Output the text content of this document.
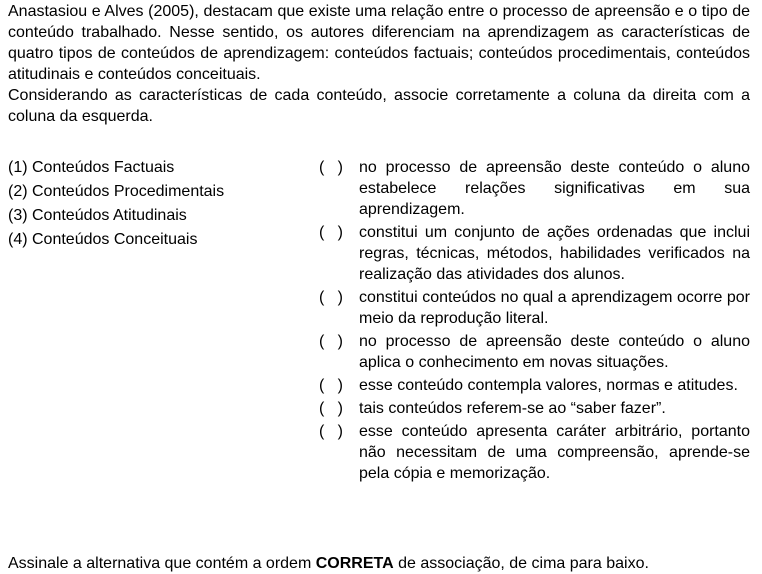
Anastasiou e Alves (2005), destacam que existe uma relação entre o processo de apreensão e o tipo de conteúdo trabalhado. Nesse sentido, os autores diferenciam na aprendizagem as características de quatro tipos de conteúdos de aprendizagem: conteúdos factuais; conteúdos procedimentais, conteúdos atitudinais e conteúdos conceituais.

Considerando as características de cada conteúdo, associe corretamente a coluna da direita com a coluna da esquerda.

(1) Conteúdos Factuais
(2) Conteúdos Procedimentais
(3) Conteúdos Atitudinais
(4) Conteúdos Conceituais
(   )	no processo de apreensão deste conteúdo o aluno estabelece relações significativas em sua aprendizagem.
(   )	constitui um conjunto de ações ordenadas que inclui regras, técnicas, métodos, habilidades verificados na realização das atividades dos alunos.
(   )	constitui conteúdos no qual a aprendizagem ocorre por meio da reprodução literal.
(   )	no processo de apreensão deste conteúdo o aluno aplica o conhecimento em novas situações.
(   )	esse conteúdo contempla valores, normas e atitudes.
(   )	tais conteúdos referem-se ao “saber fazer”.
(   )	esse conteúdo apresenta caráter arbitrário, portanto não necessitam de uma compreensão, aprende-se pela cópia e memorização.
Assinale a alternativa que contém a ordem CORRETA de associação, de cima para baixo.
